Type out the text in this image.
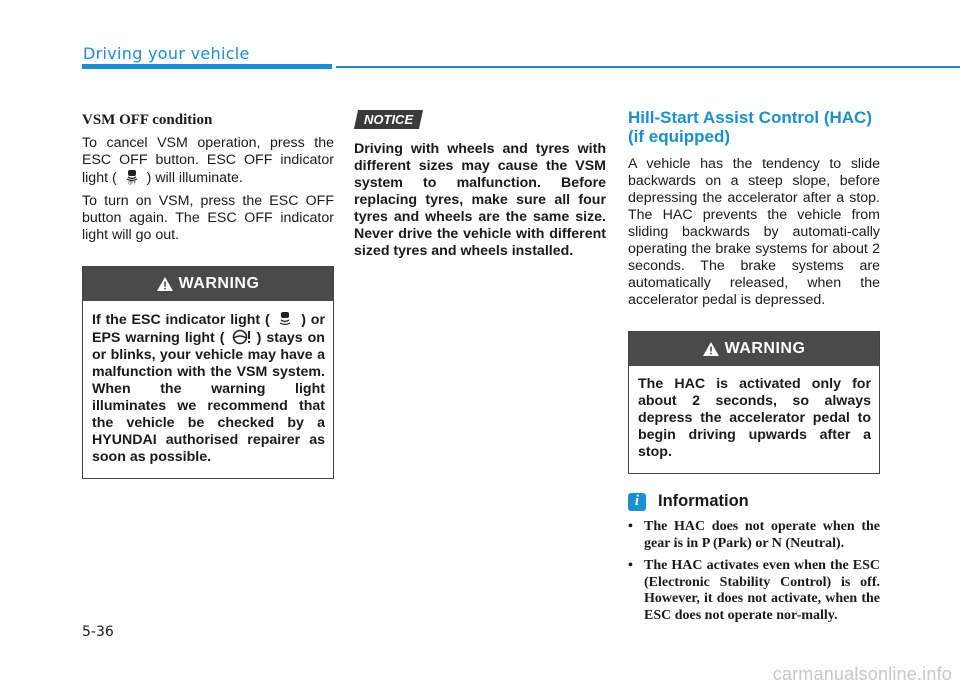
Driving your vehicle
VSM OFF condition

To cancel VSM operation, press the ESC OFF button. ESC OFF indicator light (	OFF ) will illuminate.

To turn on VSM, press the ESC OFF button again. The ESC OFF indicator light will go out.

WARNING
If the ESC indicator light ( ) or EPS warning light ( ) stays on or blinks, your vehicle may have a malfunction with the VSM system. When the warning light illuminates we recommend that the vehicle be checked by a HYUNDAI authorised repairer as soon as possible.
NOTICE

Driving with wheels and tyres with different sizes may cause the VSM system to malfunction. Before replacing tyres, make sure all four tyres and wheels are the same size. Never drive the vehicle with different sized tyres and wheels installed.

Hill-Start Assist Control (HAC) (if equipped)

A vehicle has the tendency to slide backwards on a steep slope, before depressing the accelerator after a stop. The HAC prevents the vehicle from sliding backwards by automati-cally operating the brake systems for about 2 seconds. The brake systems are automatically released, when the accelerator pedal is depressed.

WARNING
The HAC is activated only for about 2 seconds, so always depress the accelerator pedal to begin driving upwards after a stop.
i	Information
• The HAC does not operate when the gear is in P (Park) or N (Neutral).
• The HAC activates even when the ESC (Electronic Stability Control) is off. However, it does not activate, when the ESC does not operate nor-mally.
5-36
carmanualsonline.info
